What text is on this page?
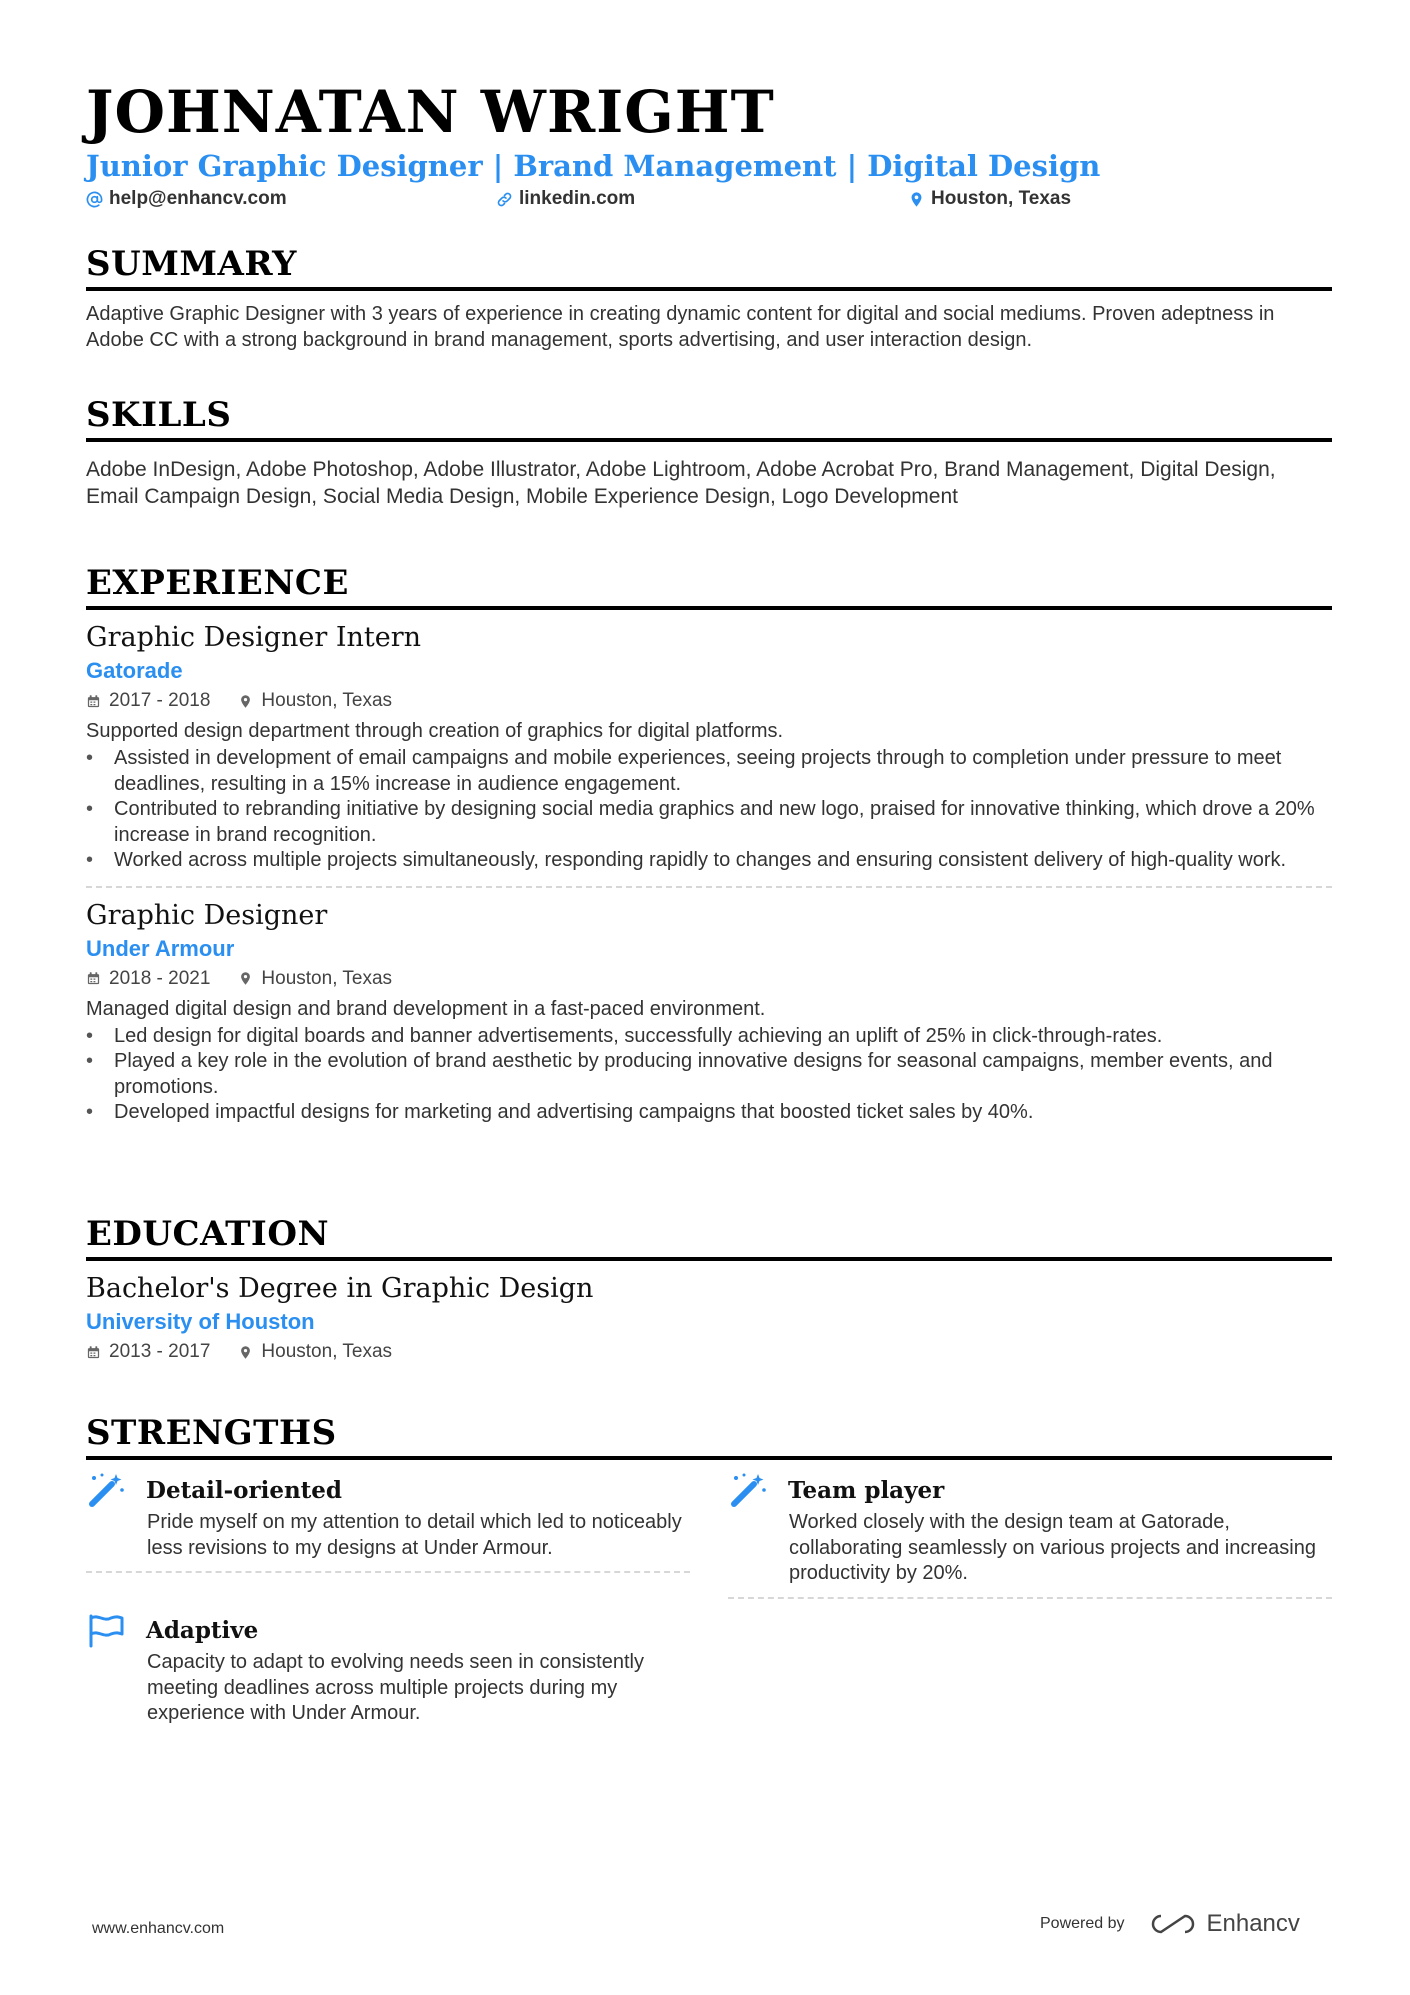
JOHNATAN WRIGHT
Junior Graphic Designer | Brand Management | Digital Design
help@enhancv.com	linkedin.com	Houston, Texas
SUMMARY

Adaptive Graphic Designer with 3 years of experience in creating dynamic content for digital and social mediums. Proven adeptness in Adobe CC with a strong background in brand management, sports advertising, and user interaction design.

SKILLS

Adobe InDesign, Adobe Photoshop, Adobe Illustrator, Adobe Lightroom, Adobe Acrobat Pro, Brand Management, Digital Design, Email Campaign Design, Social Media Design, Mobile Experience Design, Logo Development

EXPERIENCE
Graphic Designer Intern
Gatorade
2017 - 2018	Houston, Texas

Supported design department through creation of graphics for digital platforms.

• Assisted in development of email campaigns and mobile experiences, seeing projects through to completion under pressure to meet deadlines, resulting in a 15% increase in audience engagement.
• Contributed to rebranding initiative by designing social media graphics and new logo, praised for innovative thinking, which drove a 20% increase in brand recognition.
• Worked across multiple projects simultaneously, responding rapidly to changes and ensuring consistent delivery of high-quality work.
Graphic Designer
Under Armour
2018 - 2021	Houston, Texas

Managed digital design and brand development in a fast-paced environment.

• Led design for digital boards and banner advertisements, successfully achieving an uplift of 25% in click-through-rates.
• Played a key role in the evolution of brand aesthetic by producing innovative designs for seasonal campaigns, member events, and promotions.
• Developed impactful designs for marketing and advertising campaigns that boosted ticket sales by 40%.
EDUCATION
Bachelor's Degree in Graphic Design
University of Houston
2013 - 2017	Houston, Texas
STRENGTHS
Detail-oriented
Pride myself on my attention to detail which led to noticeably less revisions to my designs at Under Armour.
Team player
Worked closely with the design team at Gatorade, collaborating seamlessly on various projects and increasing productivity by 20%.
Adaptive
Capacity to adapt to evolving needs seen in consistently meeting deadlines across multiple projects during my experience with Under Armour.
www.enhancv.com	Powered by	Enhancv
